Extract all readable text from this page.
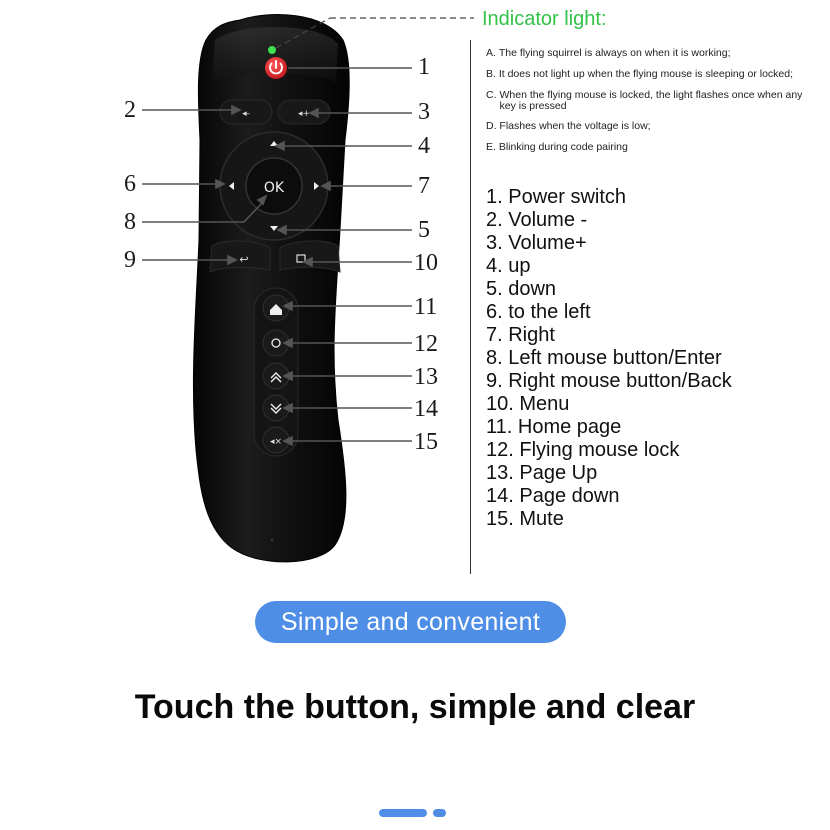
◂-	◂+
OK
↩
◂×
1
2	3
4
6	7
8	5
9	10
11
12
13
14
15
Indicator light:
A. The flying squirrel is always on when it is working;
B. It does not light up when the flying mouse is sleeping or locked;
C. When the flying mouse is locked, the light flashes once when any key is pressed
D. Flashes when the voltage is low;
E. Blinking during code pairing
1. Power switch
2. Volume -
3. Volume+
4. up
5. down
6. to the left
7. Right
8. Left mouse button/Enter
9. Right mouse button/Back
10. Menu
11. Home page
12. Flying mouse lock
13. Page Up
14. Page down
15. Mute
Simple and convenient
Touch the button, simple and clear
